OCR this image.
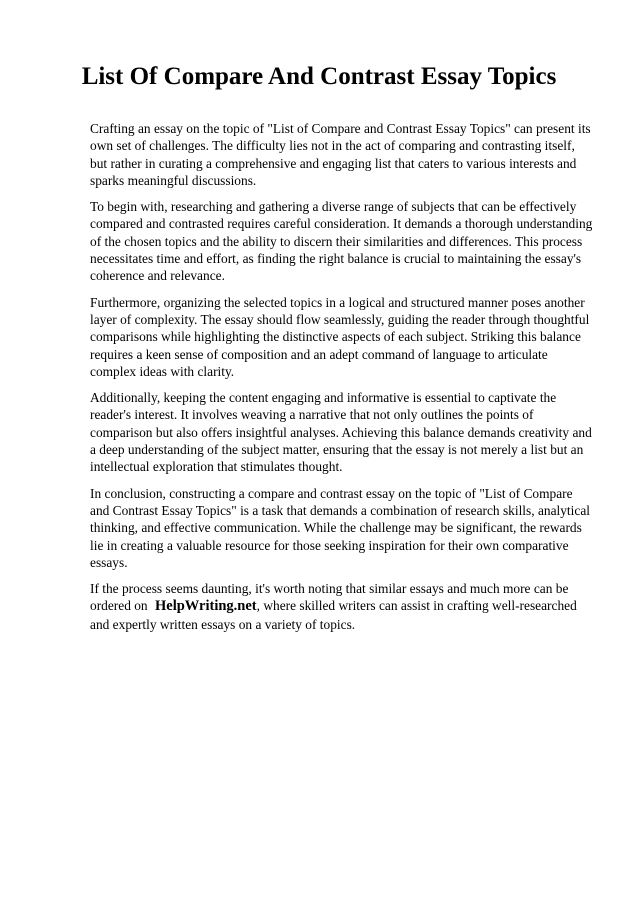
List Of Compare And Contrast Essay Topics

Crafting an essay on the topic of "List of Compare and Contrast Essay Topics" can present its own set of challenges. The difficulty lies not in the act of comparing and contrasting itself, but rather in curating a comprehensive and engaging list that caters to various interests and sparks meaningful discussions.

To begin with, researching and gathering a diverse range of subjects that can be effectively compared and contrasted requires careful consideration. It demands a thorough understanding of the chosen topics and the ability to discern their similarities and differences. This process necessitates time and effort, as finding the right balance is crucial to maintaining the essay's coherence and relevance.

Furthermore, organizing the selected topics in a logical and structured manner poses another layer of complexity. The essay should flow seamlessly, guiding the reader through thoughtful comparisons while highlighting the distinctive aspects of each subject. Striking this balance requires a keen sense of composition and an adept command of language to articulate complex ideas with clarity.

Additionally, keeping the content engaging and informative is essential to captivate the reader's interest. It involves weaving a narrative that not only outlines the points of comparison but also offers insightful analyses. Achieving this balance demands creativity and a deep understanding of the subject matter, ensuring that the essay is not merely a list but an intellectual exploration that stimulates thought.

In conclusion, constructing a compare and contrast essay on the topic of "List of Compare and Contrast Essay Topics" is a task that demands a combination of research skills, analytical thinking, and effective communication. While the challenge may be significant, the rewards lie in creating a valuable resource for those seeking inspiration for their own comparative essays.

If the process seems daunting, it's worth noting that similar essays and much more can be ordered on HelpWriting.net, where skilled writers can assist in crafting well-researched and expertly written essays on a variety of topics.
